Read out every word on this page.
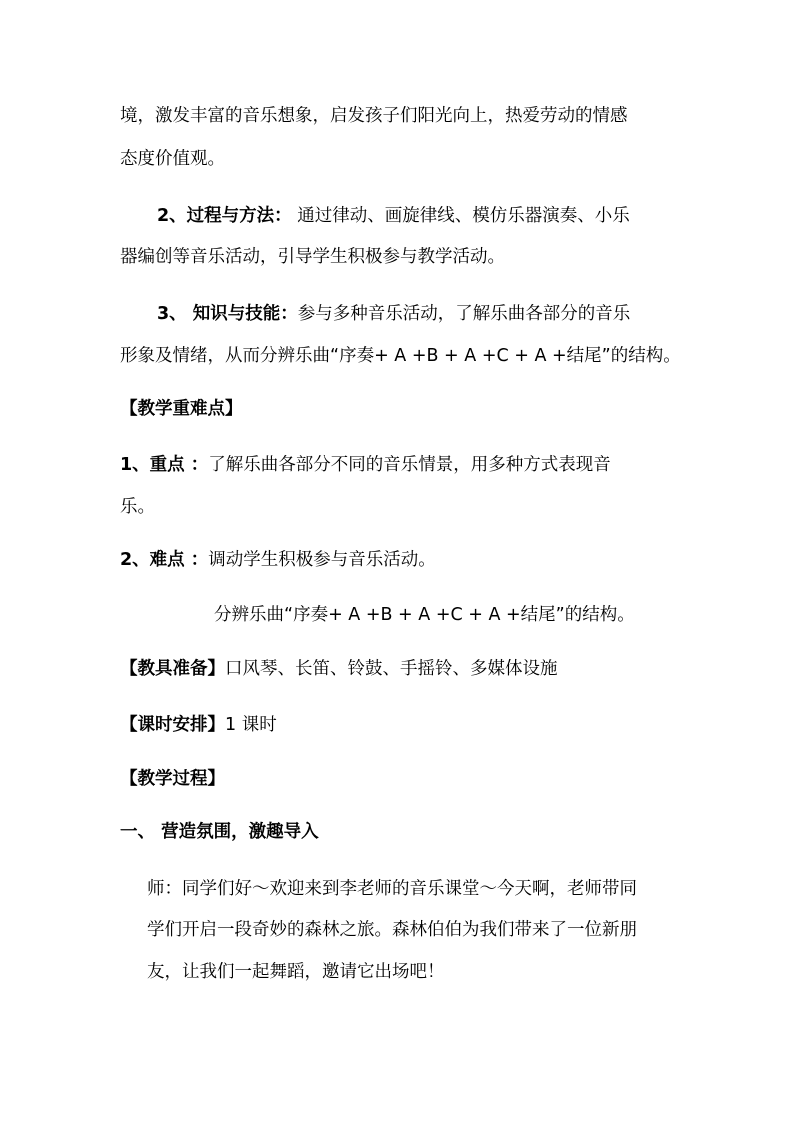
境，激发丰富的音乐想象，启发孩子们阳光向上，热爱劳动的情感
态度价值观。
2、过程与方法： 通过律动、画旋律线、模仿乐器演奏、小乐
器编创等音乐活动，引导学生积极参与教学活动。
3、 知识与技能：参与多种音乐活动，了解乐曲各部分的音乐
形象及情绪，从而分辨乐曲“序奏+ A +B + A +C + A +结尾”的结构。
【教学重难点】
1、重点 ：了解乐曲各部分不同的音乐情景，用多种方式表现音
乐。
2、难点 ：调动学生积极参与音乐活动。
分辨乐曲“序奏+ A +B + A +C + A +结尾”的结构。
【教具准备】口风琴、长笛、铃鼓、手摇铃、多媒体设施
【课时安排】1 课时
【教学过程】
一、 营造氛围，激趣导入
师：同学们好～欢迎来到李老师的音乐课堂～今天啊，老师带同
学们开启一段奇妙的森林之旅。森林伯伯为我们带来了一位新朋
友，让我们一起舞蹈，邀请它出场吧！
